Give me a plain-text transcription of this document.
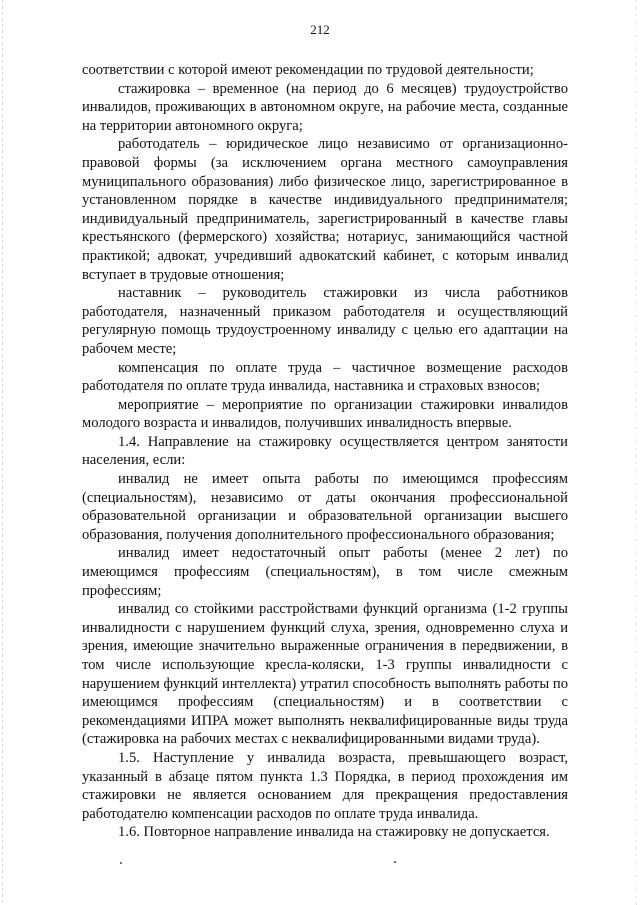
212

соответствии с которой имеют рекомендации по трудовой деятельности;

стажировка – временное (на период до 6 месяцев) трудоустройство инвалидов, проживающих в автономном округе, на рабочие места, созданные на территории автономного округа;

работодатель – юридическое лицо независимо от организационно-правовой формы (за исключением органа местного самоуправления муниципального образования) либо физическое лицо, зарегистрированное в установленном порядке в качестве индивидуального предпринимателя; индивидуальный предприниматель, зарегистрированный в качестве главы крестьянского (фермерского) хозяйства; нотариус, занимающийся частной практикой; адвокат, учредивший адвокатский кабинет, с которым инвалид вступает в трудовые отношения;

наставник – руководитель стажировки из числа работников работодателя, назначенный приказом работодателя и осуществляющий регулярную помощь трудоустроенному инвалиду с целью его адаптации на рабочем месте;

компенсация по оплате труда – частичное возмещение расходов работодателя по оплате труда инвалида, наставника и страховых взносов;

мероприятие – мероприятие по организации стажировки инвалидов молодого возраста и инвалидов, получивших инвалидность впервые.

1.4. Направление на стажировку осуществляется центром занятости населения, если:

инвалид не имеет опыта работы по имеющимся профессиям (специальностям), независимо от даты окончания профессиональной образовательной организации и образовательной организации высшего образования, получения дополнительного профессионального образования;

инвалид имеет недостаточный опыт работы (менее 2 лет) по имеющимся профессиям (специальностям), в том числе смежным профессиям;

инвалид со стойкими расстройствами функций организма (1-2 группы инвалидности с нарушением функций слуха, зрения, одновременно слуха и зрения, имеющие значительно выраженные ограничения в передвижении, в том числе использующие кресла-коляски, 1-3 группы инвалидности с нарушением функций интеллекта) утратил способность выполнять работы по имеющимся профессиям (специальностям) и в соответствии с рекомендациями ИПРА может выполнять неквалифицированные виды труда (стажировка на рабочих местах с неквалифицированными видами труда).

1.5. Наступление у инвалида возраста, превышающего возраст, указанный в абзаце пятом пункта 1.3 Порядка, в период прохождения им стажировки не является основанием для прекращения предоставления работодателю компенсации расходов по оплате труда инвалида.

1.6. Повторное направление инвалида на стажировку не допускается.
